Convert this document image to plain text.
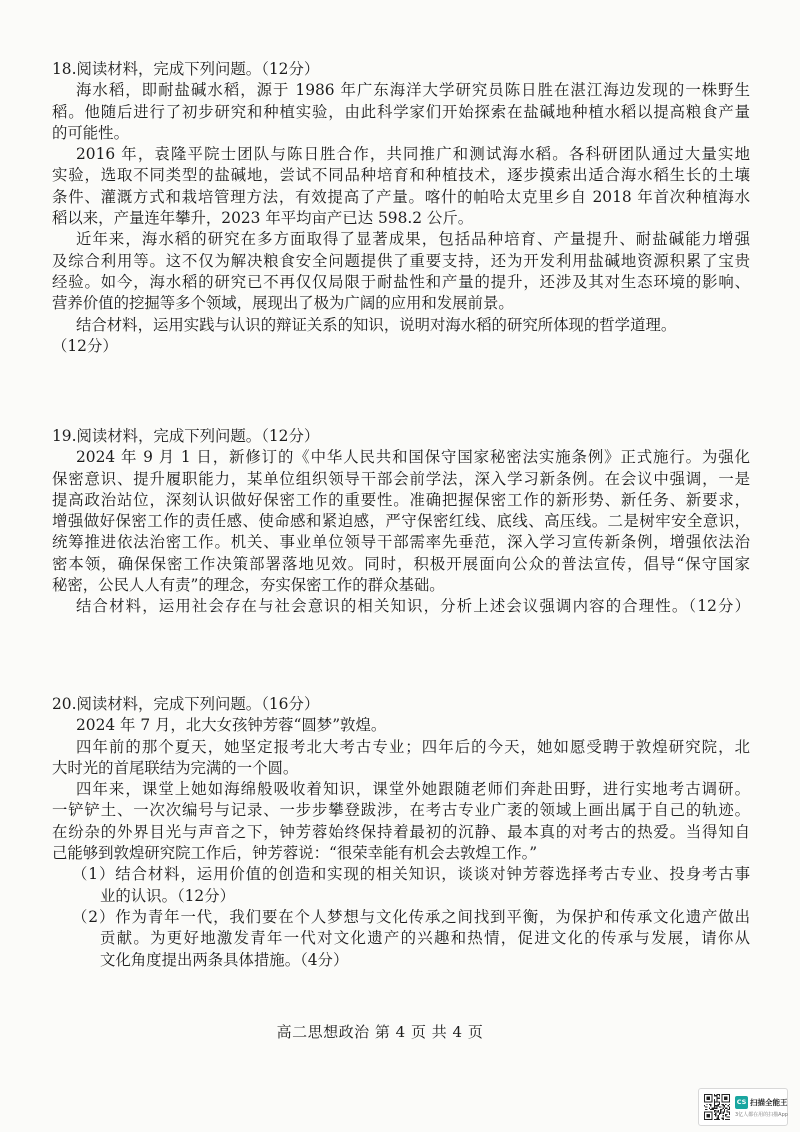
18.阅读材料，完成下列问题。（12分）
海水稻，即耐盐碱水稻，源于 1986 年广东海洋大学研究员陈日胜在湛江海边发现的一株野生
稻。他随后进行了初步研究和种植实验，由此科学家们开始探索在盐碱地种植水稻以提高粮食产量
的可能性。
2016 年，袁隆平院士团队与陈日胜合作，共同推广和测试海水稻。各科研团队通过大量实地
实验，选取不同类型的盐碱地，尝试不同品种培育和种植技术，逐步摸索出适合海水稻生长的土壤
条件、灌溉方式和栽培管理方法，有效提高了产量。喀什的帕哈太克里乡自 2018 年首次种植海水
稻以来，产量连年攀升，2023 年平均亩产已达 598.2 公斤。
近年来，海水稻的研究在多方面取得了显著成果，包括品种培育、产量提升、耐盐碱能力增强
及综合利用等。这不仅为解决粮食安全问题提供了重要支持，还为开发利用盐碱地资源积累了宝贵
经验。如今，海水稻的研究已不再仅仅局限于耐盐性和产量的提升，还涉及其对生态环境的影响、
营养价值的挖掘等多个领域，展现出了极为广阔的应用和发展前景。
结合材料，运用实践与认识的辩证关系的知识，说明对海水稻的研究所体现的哲学道理。
（12分）
19.阅读材料，完成下列问题。（12分）
2024 年 9 月 1 日，新修订的《中华人民共和国保守国家秘密法实施条例》正式施行。为强化
保密意识、提升履职能力，某单位组织领导干部会前学法，深入学习新条例。在会议中强调，一是
提高政治站位，深刻认识做好保密工作的重要性。准确把握保密工作的新形势、新任务、新要求，
增强做好保密工作的责任感、使命感和紧迫感，严守保密红线、底线、高压线。二是树牢安全意识，
统筹推进依法治密工作。机关、事业单位领导干部需率先垂范，深入学习宣传新条例，增强依法治
密本领，确保保密工作决策部署落地见效。同时，积极开展面向公众的普法宣传，倡导“保守国家
秘密，公民人人有责”的理念，夯实保密工作的群众基础。
结合材料，运用社会存在与社会意识的相关知识，分析上述会议强调内容的合理性。（12分）
20.阅读材料，完成下列问题。（16分）
2024 年 7 月，北大女孩钟芳蓉“圆梦”敦煌。
四年前的那个夏天，她坚定报考北大考古专业；四年后的今天，她如愿受聘于敦煌研究院，北
大时光的首尾联结为完满的一个圆。
四年来，课堂上她如海绵般吸收着知识，课堂外她跟随老师们奔赴田野，进行实地考古调研。
一铲铲土、一次次编号与记录、一步步攀登跋涉，在考古专业广袤的领域上画出属于自己的轨迹。
在纷杂的外界目光与声音之下，钟芳蓉始终保持着最初的沉静、最本真的对考古的热爱。当得知自
己能够到敦煌研究院工作后，钟芳蓉说：“很荣幸能有机会去敦煌工作。”
（1）结合材料，运用价值的创造和实现的相关知识，谈谈对钟芳蓉选择考古专业、投身考古事
业的认识。（12分）
（2）作为青年一代，我们要在个人梦想与文化传承之间找到平衡，为保护和传承文化遗产做出
贡献。为更好地激发青年一代对文化遗产的兴趣和热情，促进文化的传承与发展，请你从
文化角度提出两条具体措施。（4分）
高二思想政治 第 4 页 共 4 页
CS 扫描全能王
3亿人都在用的扫描App
